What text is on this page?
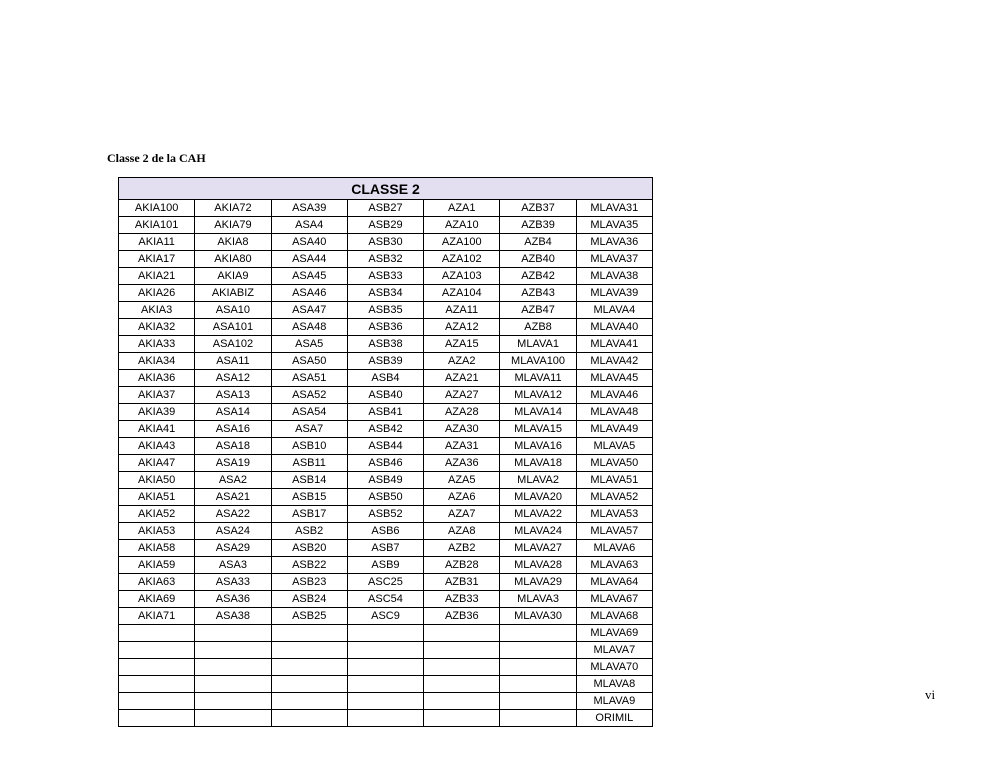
Classe 2 de la CAH
CLASSE 2						
AKIA100	AKIA72	ASA39	ASB27	AZA1	AZB37	MLAVA31
AKIA101	AKIA79	ASA4	ASB29	AZA10	AZB39	MLAVA35
AKIA11	AKIA8	ASA40	ASB30	AZA100	AZB4	MLAVA36
AKIA17	AKIA80	ASA44	ASB32	AZA102	AZB40	MLAVA37
AKIA21	AKIA9	ASA45	ASB33	AZA103	AZB42	MLAVA38
AKIA26	AKIABIZ	ASA46	ASB34	AZA104	AZB43	MLAVA39
AKIA3	ASA10	ASA47	ASB35	AZA11	AZB47	MLAVA4
AKIA32	ASA101	ASA48	ASB36	AZA12	AZB8	MLAVA40
AKIA33	ASA102	ASA5	ASB38	AZA15	MLAVA1	MLAVA41
AKIA34	ASA11	ASA50	ASB39	AZA2	MLAVA100	MLAVA42
AKIA36	ASA12	ASA51	ASB4	AZA21	MLAVA11	MLAVA45
AKIA37	ASA13	ASA52	ASB40	AZA27	MLAVA12	MLAVA46
AKIA39	ASA14	ASA54	ASB41	AZA28	MLAVA14	MLAVA48
AKIA41	ASA16	ASA7	ASB42	AZA30	MLAVA15	MLAVA49
AKIA43	ASA18	ASB10	ASB44	AZA31	MLAVA16	MLAVA5
AKIA47	ASA19	ASB11	ASB46	AZA36	MLAVA18	MLAVA50
AKIA50	ASA2	ASB14	ASB49	AZA5	MLAVA2	MLAVA51
AKIA51	ASA21	ASB15	ASB50	AZA6	MLAVA20	MLAVA52
AKIA52	ASA22	ASB17	ASB52	AZA7	MLAVA22	MLAVA53
AKIA53	ASA24	ASB2	ASB6	AZA8	MLAVA24	MLAVA57
AKIA58	ASA29	ASB20	ASB7	AZB2	MLAVA27	MLAVA6
AKIA59	ASA3	ASB22	ASB9	AZB28	MLAVA28	MLAVA63
AKIA63	ASA33	ASB23	ASC25	AZB31	MLAVA29	MLAVA64
AKIA69	ASA36	ASB24	ASC54	AZB33	MLAVA3	MLAVA67
AKIA71	ASA38	ASB25	ASC9	AZB36	MLAVA30	MLAVA68
						MLAVA69
						MLAVA7
						MLAVA70
						MLAVA8
						MLAVA9
						ORIMIL
vi
